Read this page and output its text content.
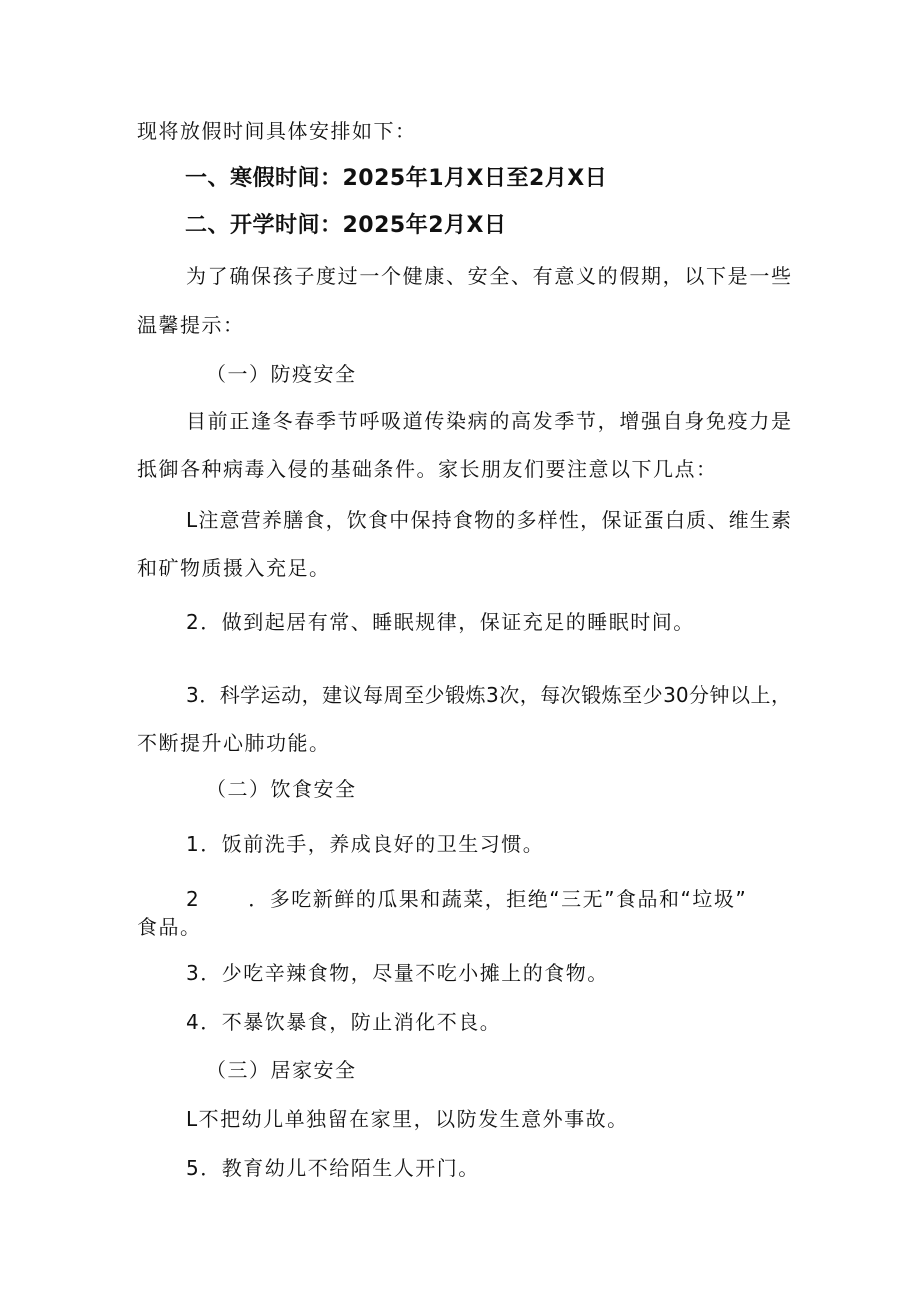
现将放假时间具体安排如下：
一、寒假时间：2025年1月X日至2月X日
二、开学时间：2025年2月X日
为了确保孩子度过一个健康、安全、有意义的假期，以下是一些
温馨提示：
（一）防疫安全
目前正逢冬春季节呼吸道传染病的高发季节，增强自身免疫力是
抵御各种病毒入侵的基础条件。家长朋友们要注意以下几点：
L注意营养膳食，饮食中保持食物的多样性，保证蛋白质、维生素
和矿物质摄入充足。
2．做到起居有常、睡眠规律，保证充足的睡眠时间。
3．科学运动，建议每周至少锻炼3次，每次锻炼至少30分钟以上，
不断提升心肺功能。
（二）饮食安全
1．饭前洗手，养成良好的卫生习惯。
2 ．多吃新鲜的瓜果和蔬菜，拒绝“三无”食品和“垃圾”
食品。
3．少吃辛辣食物，尽量不吃小摊上的食物。
4．不暴饮暴食，防止消化不良。
（三）居家安全
L不把幼儿单独留在家里，以防发生意外事故。
5．教育幼儿不给陌生人开门。
